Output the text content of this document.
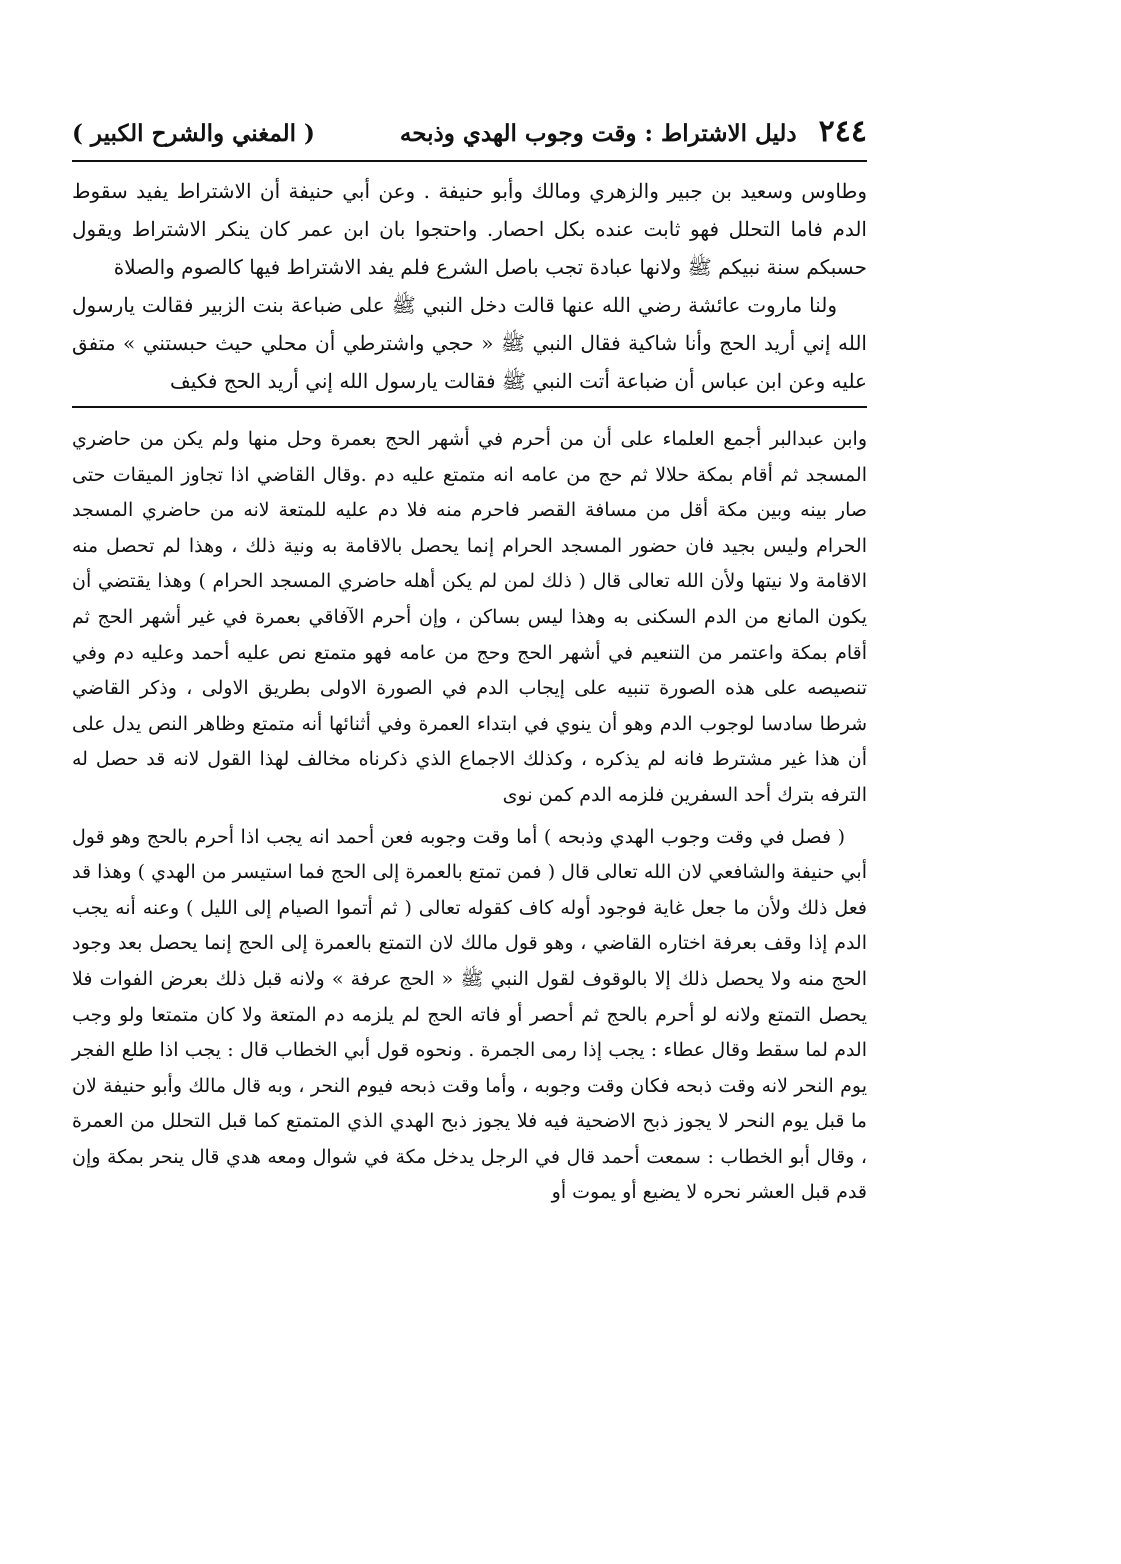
٢٤٤
دليل الاشتراط : وقت وجوب الهدي وذبحه
( المغني والشرح الكبير )

وطاوس وسعيد بن جبير والزهري ومالك وأبو حنيفة . وعن أبي حنيفة أن الاشتراط يفيد سقوط الدم فاما التحلل فهو ثابت عنده بكل احصار. واحتجوا بان ابن عمر كان ينكر الاشتراط ويقول حسبكم سنة نبيكم ﷺ ولانها عبادة تجب باصل الشرع فلم يفد الاشتراط فيها كالصوم والصلاة

ولنا ماروت عائشة رضي الله عنها قالت دخل النبي ﷺ على ضباعة بنت الزبير فقالت يارسول الله إني أريد الحج وأنا شاكية فقال النبي ﷺ « حجي واشترطي أن محلي حيث حبستني » متفق عليه وعن ابن عباس أن ضباعة أتت النبي ﷺ فقالت يارسول الله إني أريد الحج فكيف

وابن عبدالبر أجمع العلماء على أن من أحرم في أشهر الحج بعمرة وحل منها ولم يكن من حاضري المسجد ثم أقام بمكة حلالا ثم حج من عامه انه متمتع عليه دم .وقال القاضي اذا تجاوز الميقات حتى صار بينه وبين مكة أقل من مسافة القصر فاحرم منه فلا دم عليه للمتعة لانه من حاضري المسجد الحرام وليس بجيد فان حضور المسجد الحرام إنما يحصل بالاقامة به ونية ذلك ، وهذا لم تحصل منه الاقامة ولا نيتها ولأن الله تعالى قال ( ذلك لمن لم يكن أهله حاضري المسجد الحرام ) وهذا يقتضي أن يكون المانع من الدم السكنى به وهذا ليس بساكن ، وإن أحرم الآفاقي بعمرة في غير أشهر الحج ثم أقام بمكة واعتمر من التنعيم في أشهر الحج وحج من عامه فهو متمتع نص عليه أحمد وعليه دم وفي تنصيصه على هذه الصورة تنبيه على إيجاب الدم في الصورة الاولى بطريق الاولى ، وذكر القاضي شرطا سادسا لوجوب الدم وهو أن ينوي في ابتداء العمرة وفي أثنائها أنه متمتع وظاهر النص يدل على أن هذا غير مشترط فانه لم يذكره ، وكذلك الاجماع الذي ذكرناه مخالف لهذا القول لانه قد حصل له الترفه بترك أحد السفرين فلزمه الدم كمن نوى

( فصل في وقت وجوب الهدي وذبحه ) أما وقت وجوبه فعن أحمد انه يجب اذا أحرم بالحج وهو قول أبي حنيفة والشافعي لان الله تعالى قال ( فمن تمتع بالعمرة إلى الحج فما استيسر من الهدي ) وهذا قد فعل ذلك ولأن ما جعل غاية فوجود أوله كاف كقوله تعالى ( ثم أتموا الصيام إلى الليل ) وعنه أنه يجب الدم إذا وقف بعرفة اختاره القاضي ، وهو قول مالك لان التمتع بالعمرة إلى الحج إنما يحصل بعد وجود الحج منه ولا يحصل ذلك إلا بالوقوف لقول النبي ﷺ « الحج عرفة » ولانه قبل ذلك بعرض الفوات فلا يحصل التمتع ولانه لو أحرم بالحج ثم أحصر أو فاته الحج لم يلزمه دم المتعة ولا كان متمتعا ولو وجب الدم لما سقط وقال عطاء : يجب إذا رمى الجمرة . ونحوه قول أبي الخطاب قال : يجب اذا طلع الفجر يوم النحر لانه وقت ذبحه فكان وقت وجوبه ، وأما وقت ذبحه فيوم النحر ، وبه قال مالك وأبو حنيفة لان ما قبل يوم النحر لا يجوز ذبح الاضحية فيه فلا يجوز ذبح الهدي الذي المتمتع كما قبل التحلل من العمرة ، وقال أبو الخطاب : سمعت أحمد قال في الرجل يدخل مكة في شوال ومعه هدي قال ينحر بمكة وإن قدم قبل العشر نحره لا يضيع أو يموت أو
